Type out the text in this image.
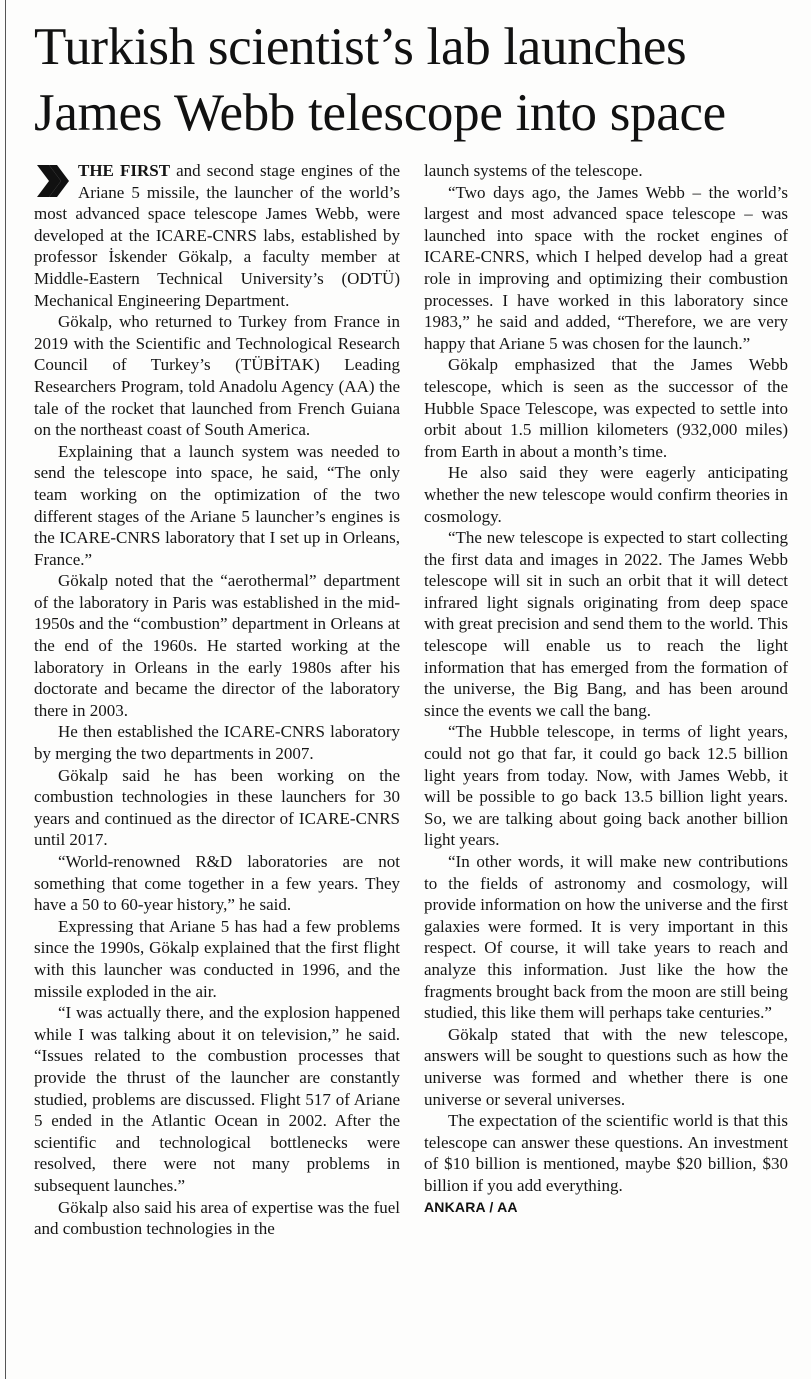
Turkish scientist’s lab launches James Webb telescope into space

THE FIRST and second stage engines of the Ariane 5 missile, the launcher of the world’s most advanced space telescope James Webb, were developed at the ICARE-CNRS labs, established by professor İskender Gökalp, a faculty member at Middle-Eastern Technical University’s (ODTÜ) Mechanical Engineering Department.

Gökalp, who returned to Turkey from France in 2019 with the Scientific and Technological Research Council of Turkey’s (TÜBİTAK) Leading Researchers Program, told Anadolu Agency (AA) the tale of the rocket that launched from French Guiana on the northeast coast of South America.

Explaining that a launch system was needed to send the telescope into space, he said, “The only team working on the optimization of the two different stages of the Ariane 5 launcher’s engines is the ICARE-CNRS laboratory that I set up in Orleans, France.”

Gökalp noted that the “aerothermal” department of the laboratory in Paris was established in the mid-1950s and the “combustion” department in Orleans at the end of the 1960s. He started working at the laboratory in Orleans in the early 1980s after his doctorate and became the director of the laboratory there in 2003.

He then established the ICARE-CNRS laboratory by merging the two departments in 2007.

Gökalp said he has been working on the combustion technologies in these launchers for 30 years and continued as the director of ICARE-CNRS until 2017.

“World-renowned R&D laboratories are not something that come together in a few years. They have a 50 to 60-year history,” he said.

Expressing that Ariane 5 has had a few problems since the 1990s, Gökalp explained that the first flight with this launcher was conducted in 1996, and the missile exploded in the air.

“I was actually there, and the explosion happened while I was talking about it on television,” he said. “Issues related to the combustion processes that provide the thrust of the launcher are constantly studied, problems are discussed. Flight 517 of Ariane 5 ended in the Atlantic Ocean in 2002. After the scientific and technological bottlenecks were resolved, there were not many problems in subsequent launches.”

Gökalp also said his area of expertise was the fuel and combustion technologies in the

launch systems of the telescope.

“Two days ago, the James Webb – the world’s largest and most advanced space telescope – was launched into space with the rocket engines of ICARE-CNRS, which I helped develop had a great role in improving and optimizing their combustion processes. I have worked in this laboratory since 1983,” he said and added, “Therefore, we are very happy that Ariane 5 was chosen for the launch.”

Gökalp emphasized that the James Webb telescope, which is seen as the successor of the Hubble Space Telescope, was expected to settle into orbit about 1.5 million kilometers (932,000 miles) from Earth in about a month’s time.

He also said they were eagerly anticipating whether the new telescope would confirm theories in cosmology.

“The new telescope is expected to start collecting the first data and images in 2022. The James Webb telescope will sit in such an orbit that it will detect infrared light signals originating from deep space with great precision and send them to the world. This telescope will enable us to reach the light information that has emerged from the formation of the universe, the Big Bang, and has been around since the events we call the bang.

“The Hubble telescope, in terms of light years, could not go that far, it could go back 12.5 billion light years from today. Now, with James Webb, it will be possible to go back 13.5 billion light years. So, we are talking about going back another billion light years.

“In other words, it will make new contributions to the fields of astronomy and cosmology, will provide information on how the universe and the first galaxies were formed. It is very important in this respect. Of course, it will take years to reach and analyze this information. Just like the how the fragments brought back from the moon are still being studied, this like them will perhaps take centuries.”

Gökalp stated that with the new telescope, answers will be sought to questions such as how the universe was formed and whether there is one universe or several universes.

The expectation of the scientific world is that this telescope can answer these questions. An investment of $10 billion is mentioned, maybe $20 billion, $30 billion if you add everything.

ANKARA / AA
